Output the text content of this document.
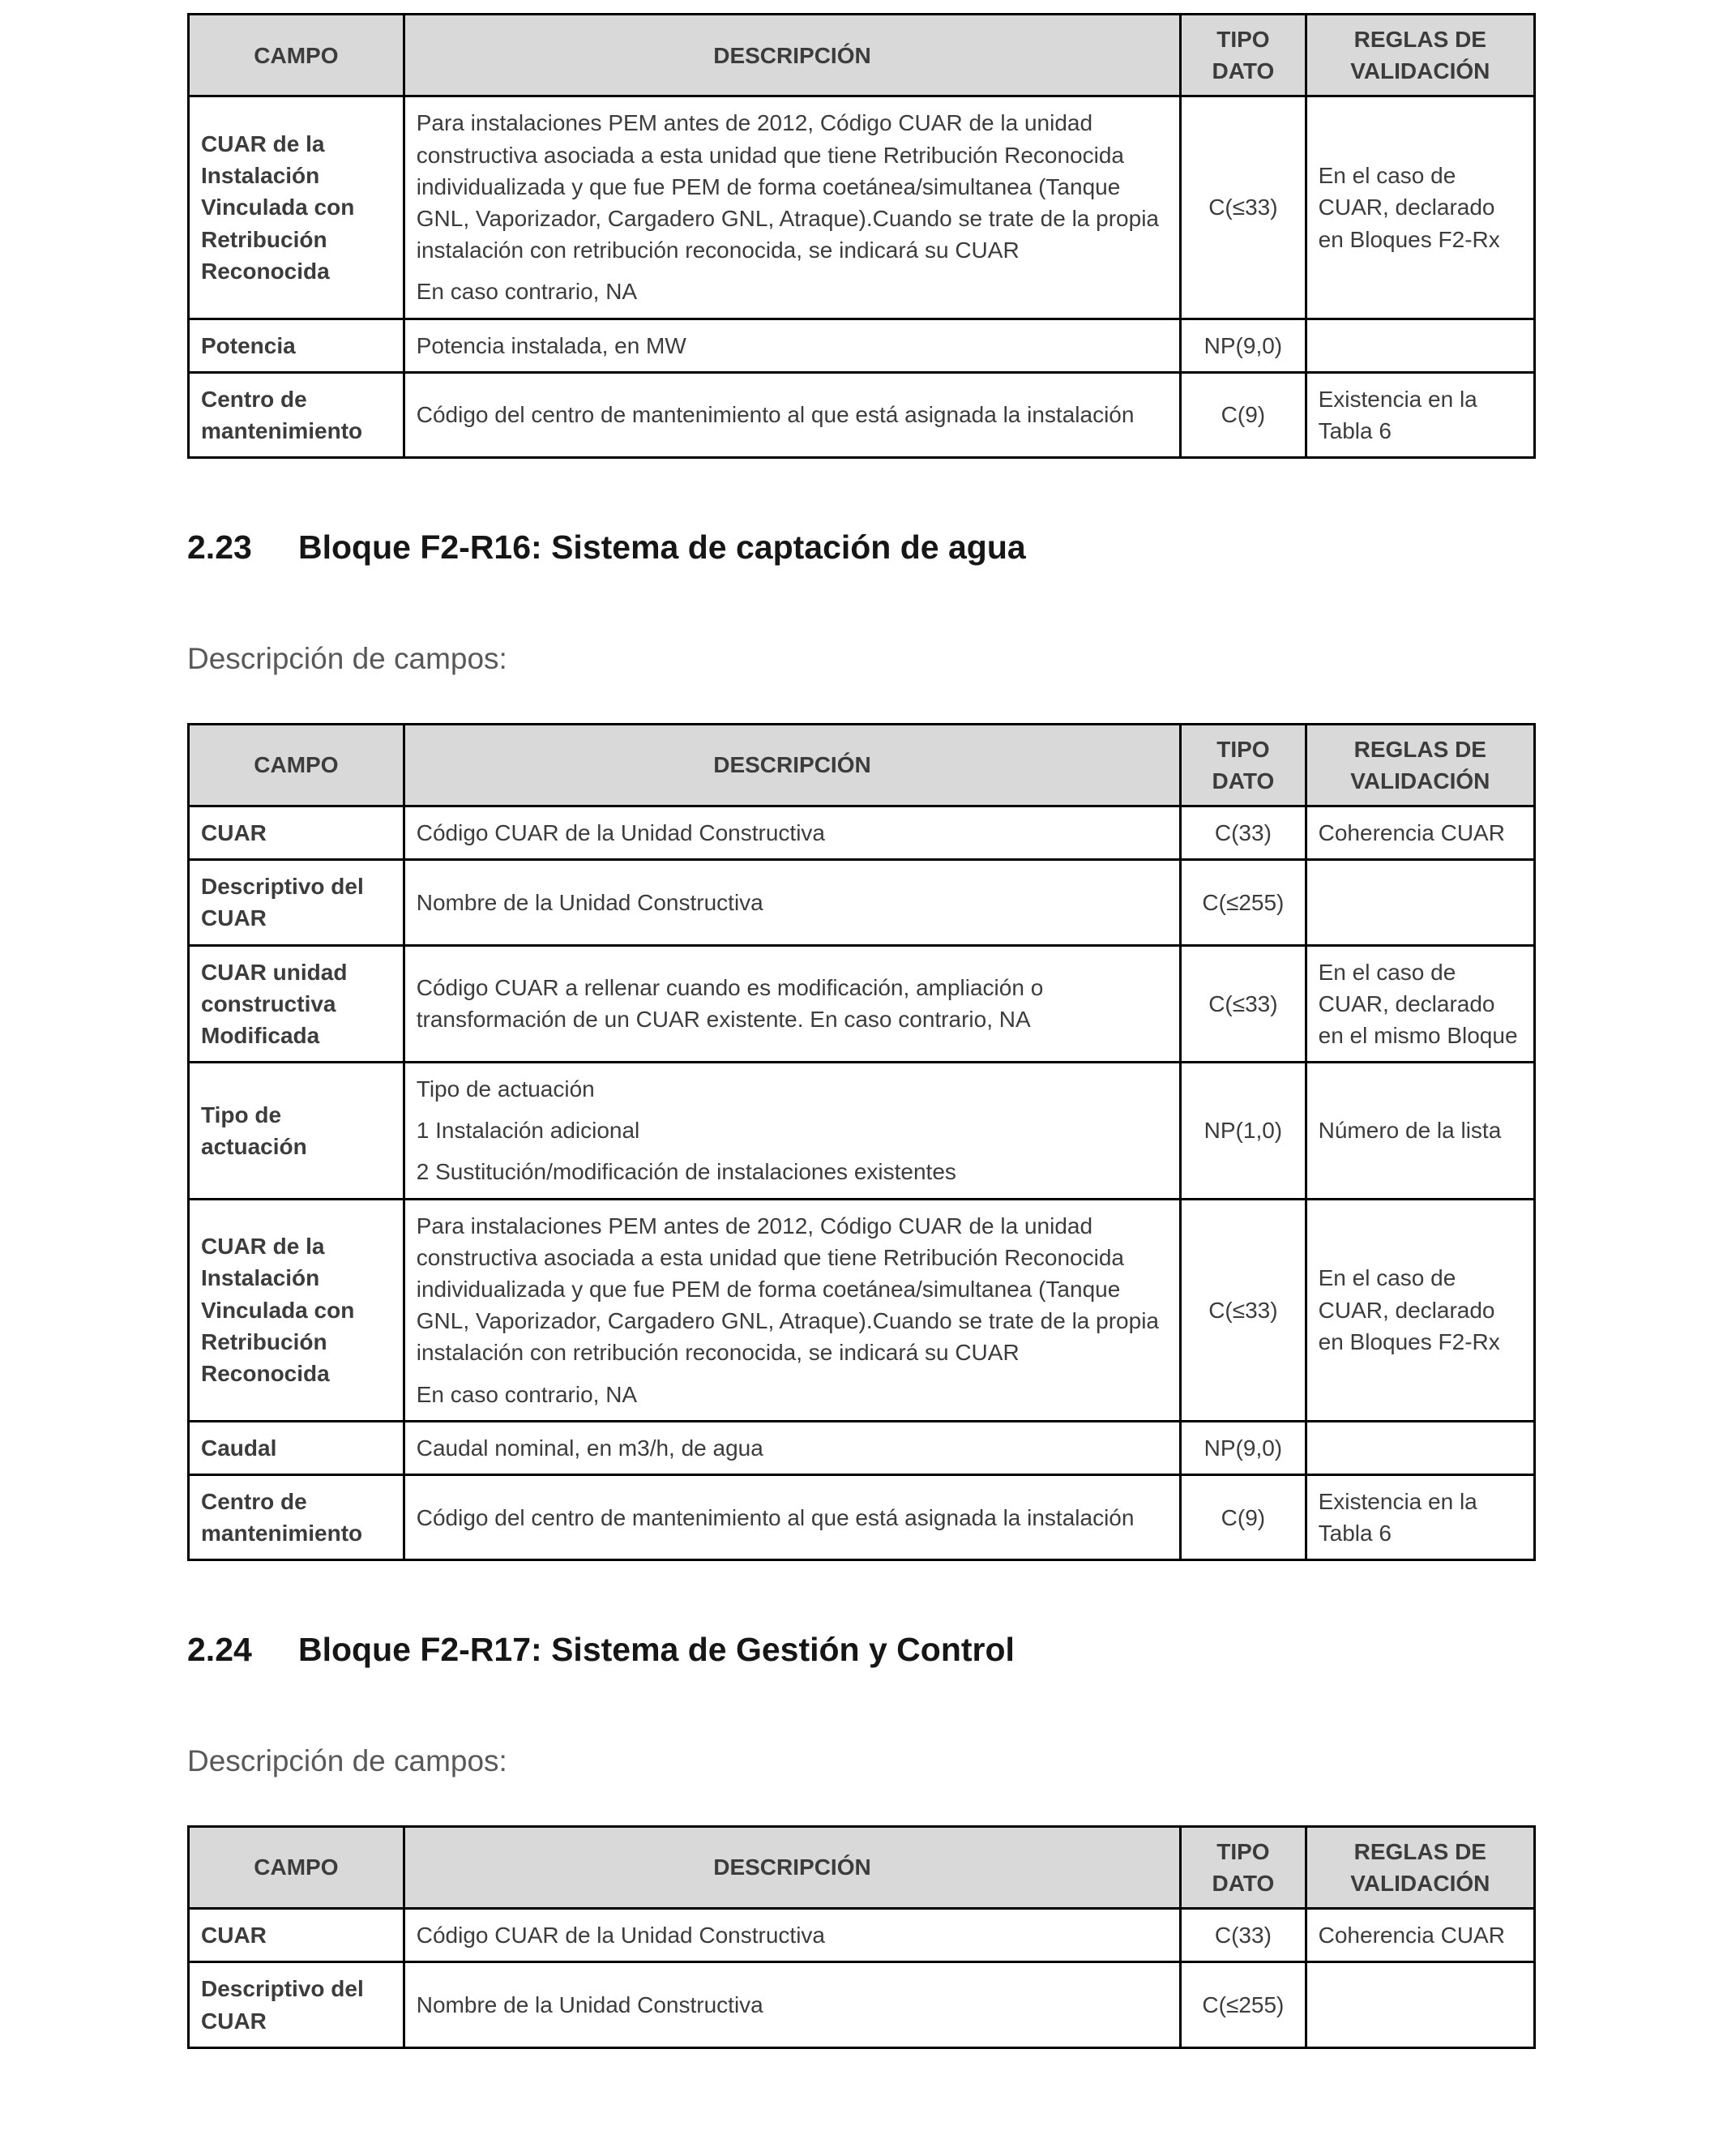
CAMPO	DESCRIPCIÓN	TIPO DATO	REGLAS DE VALIDACIÓN
CUAR de la Instalación Vinculada con Retribución Reconocida	Para instalaciones PEM antes de 2012, Código CUAR de la unidad constructiva asociada a esta unidad que tiene Retribución Reconocida individualizada y que fue PEM de forma coetánea/simultanea (Tanque GNL, Vaporizador, Cargadero GNL, Atraque).Cuando se trate de la propia instalación con retribución reconocida, se indicará su CUAR

En caso contrario, NA	C(≤33)	En el caso de CUAR, declarado en Bloques F2-Rx
Potencia	Potencia instalada, en MW	NP(9,0)	
Centro de mantenimiento	Código del centro de mantenimiento al que está asignada la instalación	C(9)	Existencia en la Tabla 6
2.23 Bloque F2-R16: Sistema de captación de agua

Descripción de campos:

CAMPO	DESCRIPCIÓN	TIPO DATO	REGLAS DE VALIDACIÓN
CUAR	Código CUAR de la Unidad Constructiva	C(33)	Coherencia CUAR
Descriptivo del CUAR	Nombre de la Unidad Constructiva	C(≤255)	
CUAR unidad constructiva Modificada	Código CUAR a rellenar cuando es modificación, ampliación o transformación de un CUAR existente. En caso contrario, NA	C(≤33)	En el caso de CUAR, declarado en el mismo Bloque
Tipo de actuación	Tipo de actuación

1 Instalación adicional

2 Sustitución/modificación de instalaciones existentes	NP(1,0)	Número de la lista
CUAR de la Instalación Vinculada con Retribución Reconocida	Para instalaciones PEM antes de 2012, Código CUAR de la unidad constructiva asociada a esta unidad que tiene Retribución Reconocida individualizada y que fue PEM de forma coetánea/simultanea (Tanque GNL, Vaporizador, Cargadero GNL, Atraque).Cuando se trate de la propia instalación con retribución reconocida, se indicará su CUAR

En caso contrario, NA	C(≤33)	En el caso de CUAR, declarado en Bloques F2-Rx
Caudal	Caudal nominal, en m3/h, de agua	NP(9,0)	
Centro de mantenimiento	Código del centro de mantenimiento al que está asignada la instalación	C(9)	Existencia en la Tabla 6
2.24 Bloque F2-R17: Sistema de Gestión y Control

Descripción de campos:

CAMPO	DESCRIPCIÓN	TIPO DATO	REGLAS DE VALIDACIÓN
CUAR	Código CUAR de la Unidad Constructiva	C(33)	Coherencia CUAR
Descriptivo del CUAR	Nombre de la Unidad Constructiva	C(≤255)	
